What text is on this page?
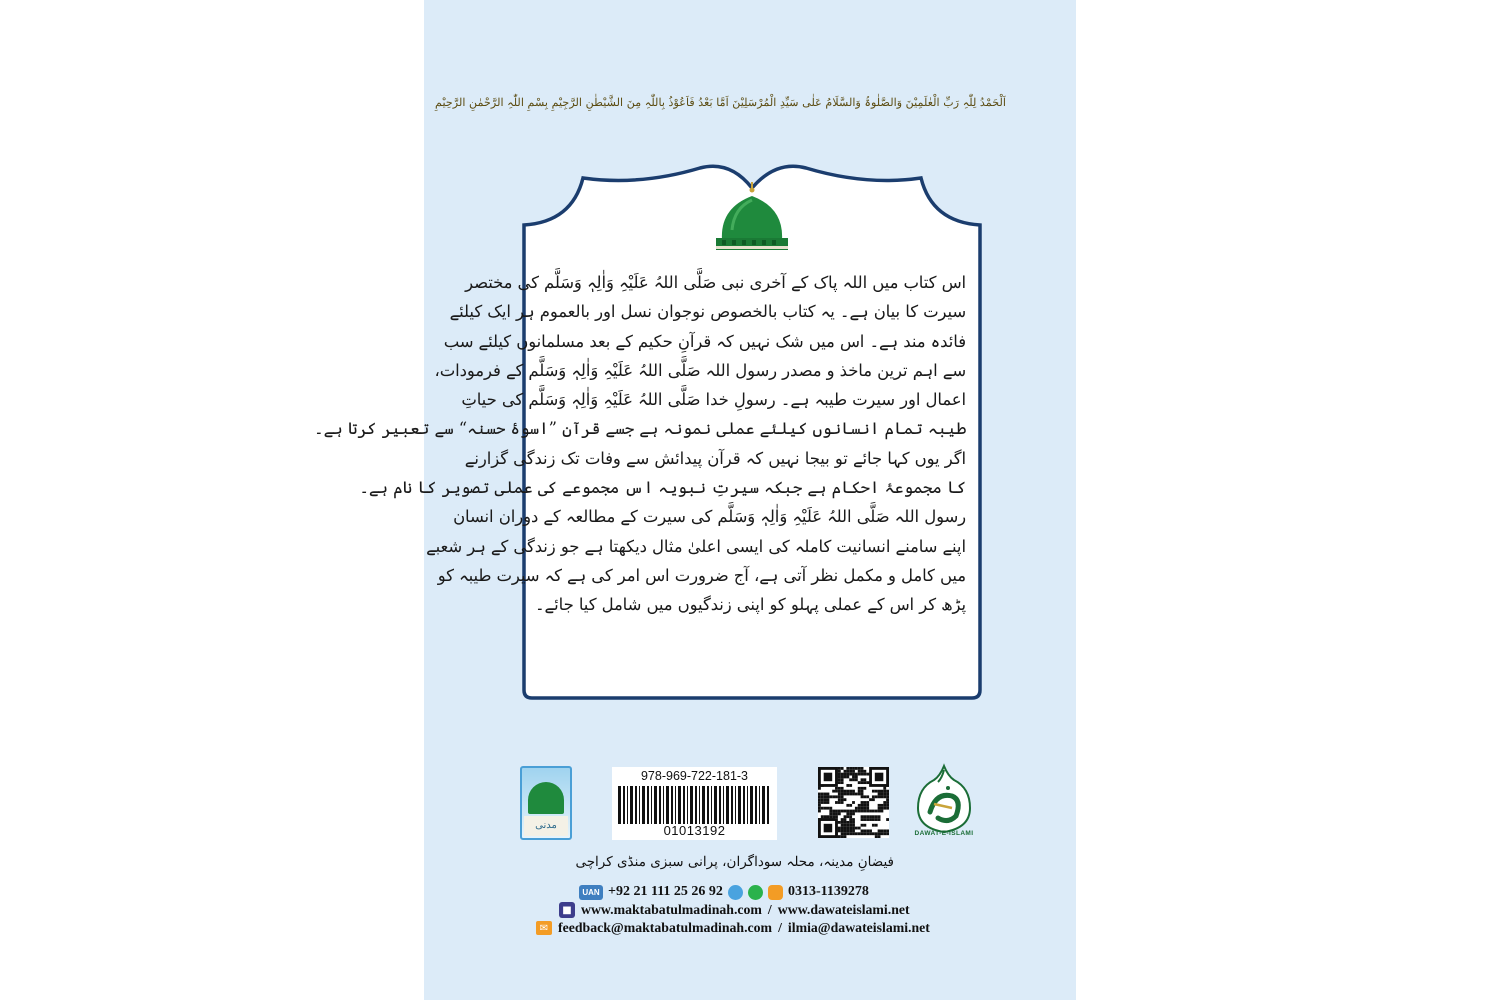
اَلْحَمْدُ لِلّٰہِ رَبِّ الْعٰلَمِیْنَ وَالصَّلٰوۃُ وَالسَّلَامُ عَلٰی سَیِّدِ الْمُرْسَلِیْنَ اَمَّا بَعْدُ فَاَعُوْذُ بِاللّٰہِ مِنَ الشَّیْطٰنِ الرَّجِیْمِ بِسْمِ اللّٰہِ الرَّحْمٰنِ الرَّحِیْمِ
اس کتاب میں اللہ پاک کے آخری نبی صَلَّی اللہُ عَلَیْہِ وَاٰلِہٖ وَسَلَّم کی مختصر
سیرت کا بیان ہے۔ یہ کتاب بالخصوص نوجوان نسل اور بالعموم ہر ایک کیلئے
فائدہ مند ہے۔ اس میں شک نہیں کہ قرآنِ حکیم کے بعد مسلمانوں کیلئے سب
سے اہم ترین ماخذ و مصدر رسول اللہ صَلَّی اللہُ عَلَیْہِ وَاٰلِہٖ وَسَلَّم کے فرمودات،
اعمال اور سیرت طیبہ ہے۔ رسولِ خدا صَلَّی اللہُ عَلَیْہِ وَاٰلِہٖ وَسَلَّم کی حیاتِ
طیبہ تمام انسانوں کیلئے عملی نمونہ ہے جسے قرآن ”اسوۂ حسنہ“ سے تعبیر کرتا ہے۔
اگر یوں کہا جائے تو بیجا نہیں کہ قرآن پیدائش سے وفات تک زندگی گزارنے
کا مجموعۂ احکام ہے جبکہ سیرتِ نبویہ اس مجموعے کی عملی تصویر کا نام ہے۔
رسول اللہ صَلَّی اللہُ عَلَیْہِ وَاٰلِہٖ وَسَلَّم کی سیرت کے مطالعہ کے دوران انسان
اپنے سامنے انسانیت کاملہ کی ایسی اعلیٰ مثال دیکھتا ہے جو زندگی کے ہر شعبے
میں کامل و مکمل نظر آتی ہے، آج ضرورت اس امر کی ہے کہ سیرت طیبہ کو
پڑھ کر اس کے عملی پہلو کو اپنی زندگیوں میں شامل کیا جائے۔
مدنی
978-969-722-181-3
01013192	DAWAT-E-ISLAMI
فیضانِ مدینہ، محلہ سوداگران، پرانی سبزی منڈی کراچی
UAN +92 21 111 25 26 92	0313-1139278
■ www.maktabatulmadinah.com / www.dawateislami.net
✉ feedback@maktabatulmadinah.com / ilmia@dawateislami.net
